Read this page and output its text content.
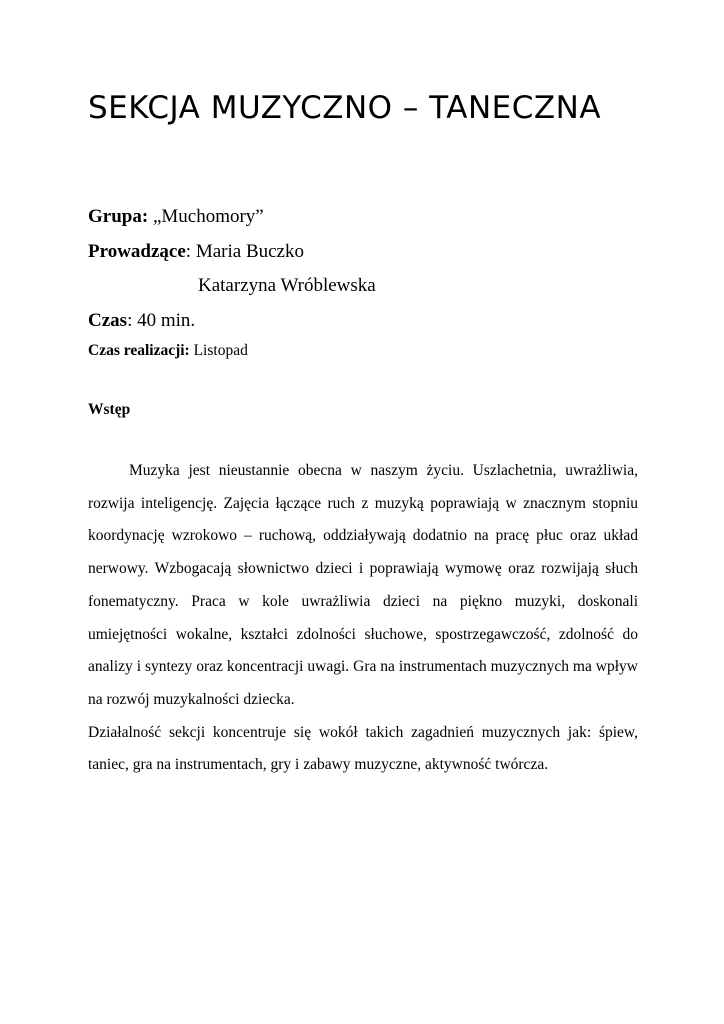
SEKCJA MUZYCZNO – TANECZNA
Grupa: „Muchomory”
Prowadzące: Maria Buczko
Katarzyna Wróblewska
Czas: 40 min.
Czas realizacji: Listopad
Wstęp

Muzyka jest nieustannie obecna w naszym życiu. Uszlachetnia, uwrażliwia, rozwija inteligencję. Zajęcia łączące ruch z muzyką poprawiają w znacznym stopniu koordynację wzrokowo – ruchową, oddziaływają dodatnio na pracę płuc oraz układ nerwowy. Wzbogacają słownictwo dzieci i poprawiają wymowę oraz rozwijają słuch fonematyczny. Praca w kole uwrażliwia dzieci na piękno muzyki, doskonali umiejętności wokalne, kształci zdolności słuchowe, spostrzegawczość, zdolność do analizy i syntezy oraz koncentracji uwagi. Gra na instrumentach muzycznych ma wpływ na rozwój muzykalności dziecka.

Działalność sekcji koncentruje się wokół takich zagadnień muzycznych jak: śpiew, taniec, gra na instrumentach, gry i zabawy muzyczne, aktywność twórcza.
